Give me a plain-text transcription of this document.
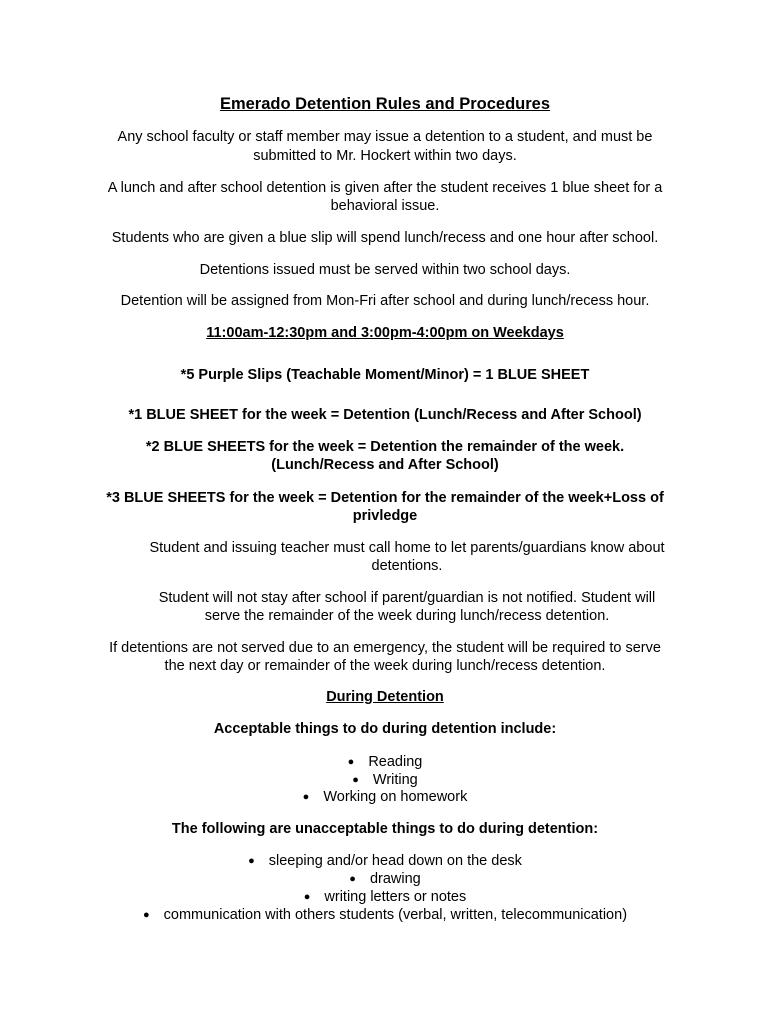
Emerado Detention Rules and Procedures
Any school faculty or staff member may issue a detention to a student, and must be
submitted to Mr. Hockert within two days.
A lunch and after school detention is given after the student receives 1 blue sheet for a
behavioral issue.
Students who are given a blue slip will spend lunch/recess and one hour after school.
Detentions issued must be served within two school days.
Detention will be assigned from Mon-Fri after school and during lunch/recess hour.
11:00am-12:30pm and 3:00pm-4:00pm on Weekdays
*5 Purple Slips (Teachable Moment/Minor) = 1 BLUE SHEET
*1 BLUE SHEET for the week = Detention (Lunch/Recess and After School)
*2 BLUE SHEETS for the week = Detention the remainder of the week.
(Lunch/Recess and After School)
*3 BLUE SHEETS for the week = Detention for the remainder of the week+Loss of
privledge
Student and issuing teacher must call home to let parents/guardians know about
detentions.
Student will not stay after school if parent/guardian is not notified. Student will
serve the remainder of the week during lunch/recess detention.
If detentions are not served due to an emergency, the student will be required to serve
the next day or remainder of the week during lunch/recess detention.
During Detention
Acceptable things to do during detention include:
● Reading
● Writing
● Working on homework
The following are unacceptable things to do during detention:
● sleeping and/or head down on the desk
● drawing
● writing letters or notes
● communication with others students (verbal, written, telecommunication)
